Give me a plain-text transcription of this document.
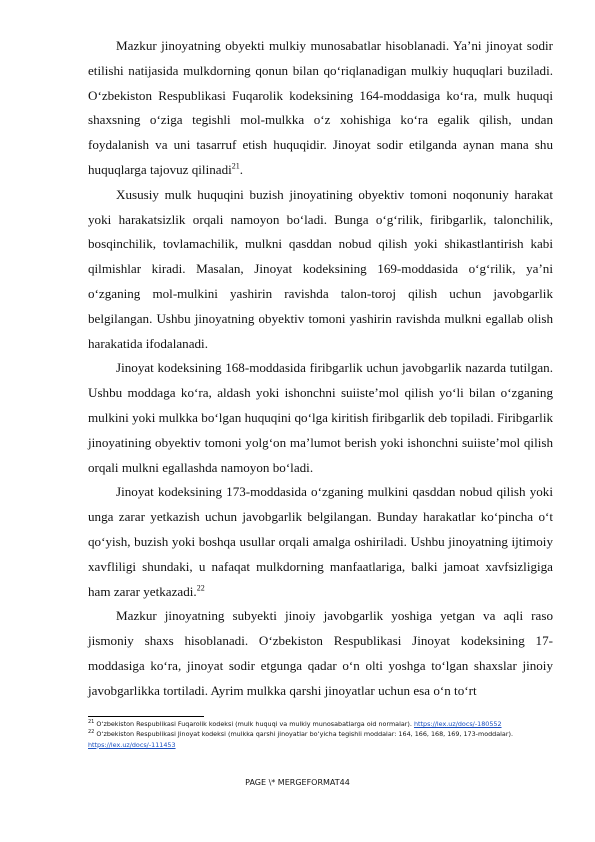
Mazkur jinoyatning obyekti mulkiy munosabatlar hisoblanadi. Ya’ni jinoyat sodir etilishi natijasida mulkdorning qonun bilan qo‘riqlanadigan mulkiy huquqlari buziladi. O‘zbekiston Respublikasi Fuqarolik kodeksining 164-moddasiga ko‘ra, mulk huquqi shaxsning o‘ziga tegishli mol-mulkka o‘z xohishiga ko‘ra egalik qilish, undan foydalanish va uni tasarruf etish huquqidir. Jinoyat sodir etilganda aynan mana shu huquqlarga tajovuz qilinadi$^{21}$.

Xususiy mulk huquqini buzish jinoyatining obyektiv tomoni noqonuniy harakat yoki harakatsizlik orqali namoyon bo‘ladi. Bunga o‘g‘rilik, firibgarlik, talonchilik, bosqinchilik, tovlamachilik, mulkni qasddan nobud qilish yoki shikastlantirish kabi qilmishlar kiradi. Masalan, Jinoyat kodeksining 169-moddasida o‘g‘rilik, ya’ni o‘zganing mol-mulkini yashirin ravishda talon-toroj qilish uchun javobgarlik belgilangan. Ushbu jinoyatning obyektiv tomoni yashirin ravishda mulkni egallab olish harakatida ifodalanadi.

Jinoyat kodeksining 168-moddasida firibgarlik uchun javobgarlik nazarda tutilgan. Ushbu moddaga ko‘ra, aldash yoki ishonchni suiiste’mol qilish yo‘li bilan o‘zganing mulkini yoki mulkka bo‘lgan huquqini qo‘lga kiritish firibgarlik deb topiladi. Firibgarlik jinoyatining obyektiv tomoni yolg‘on ma’lumot berish yoki ishonchni suiiste’mol qilish orqali mulkni egallashda namoyon bo‘ladi.

Jinoyat kodeksining 173-moddasida o‘zganing mulkini qasddan nobud qilish yoki unga zarar yetkazish uchun javobgarlik belgilangan. Bunday harakatlar ko‘pincha o‘t qo‘yish, buzish yoki boshqa usullar orqali amalga oshiriladi. Ushbu jinoyatning ijtimoiy xavfliligi shundaki, u nafaqat mulkdorning manfaatlariga, balki jamoat xavfsizligiga ham zarar yetkazadi.$^{22}$

Mazkur jinoyatning subyekti jinoiy javobgarlik yoshiga yetgan va aqli raso jismoniy shaxs hisoblanadi. O‘zbekiston Respublikasi Jinoyat kodeksining 17-moddasiga ko‘ra, jinoyat sodir etgunga qadar o‘n olti yoshga to‘lgan shaxslar jinoiy javobgarlikka tortiladi. Ayrim mulkka qarshi jinoyatlar uchun esa o‘n to‘rt

$^{21}$ O‘zbekiston Respublikasi Fuqarolik kodeksi (mulk huquqi va mulkiy munosabatlarga oid normalar). https://lex.uz/docs/-180552

$^{22}$ O‘zbekiston Respublikasi Jinoyat kodeksi (mulkka qarshi jinoyatlar bo‘yicha tegishli moddalar: 164, 166, 168, 169, 173-moddalar). https://lex.uz/docs/-111453

PAGE \* MERGEFORMAT44
